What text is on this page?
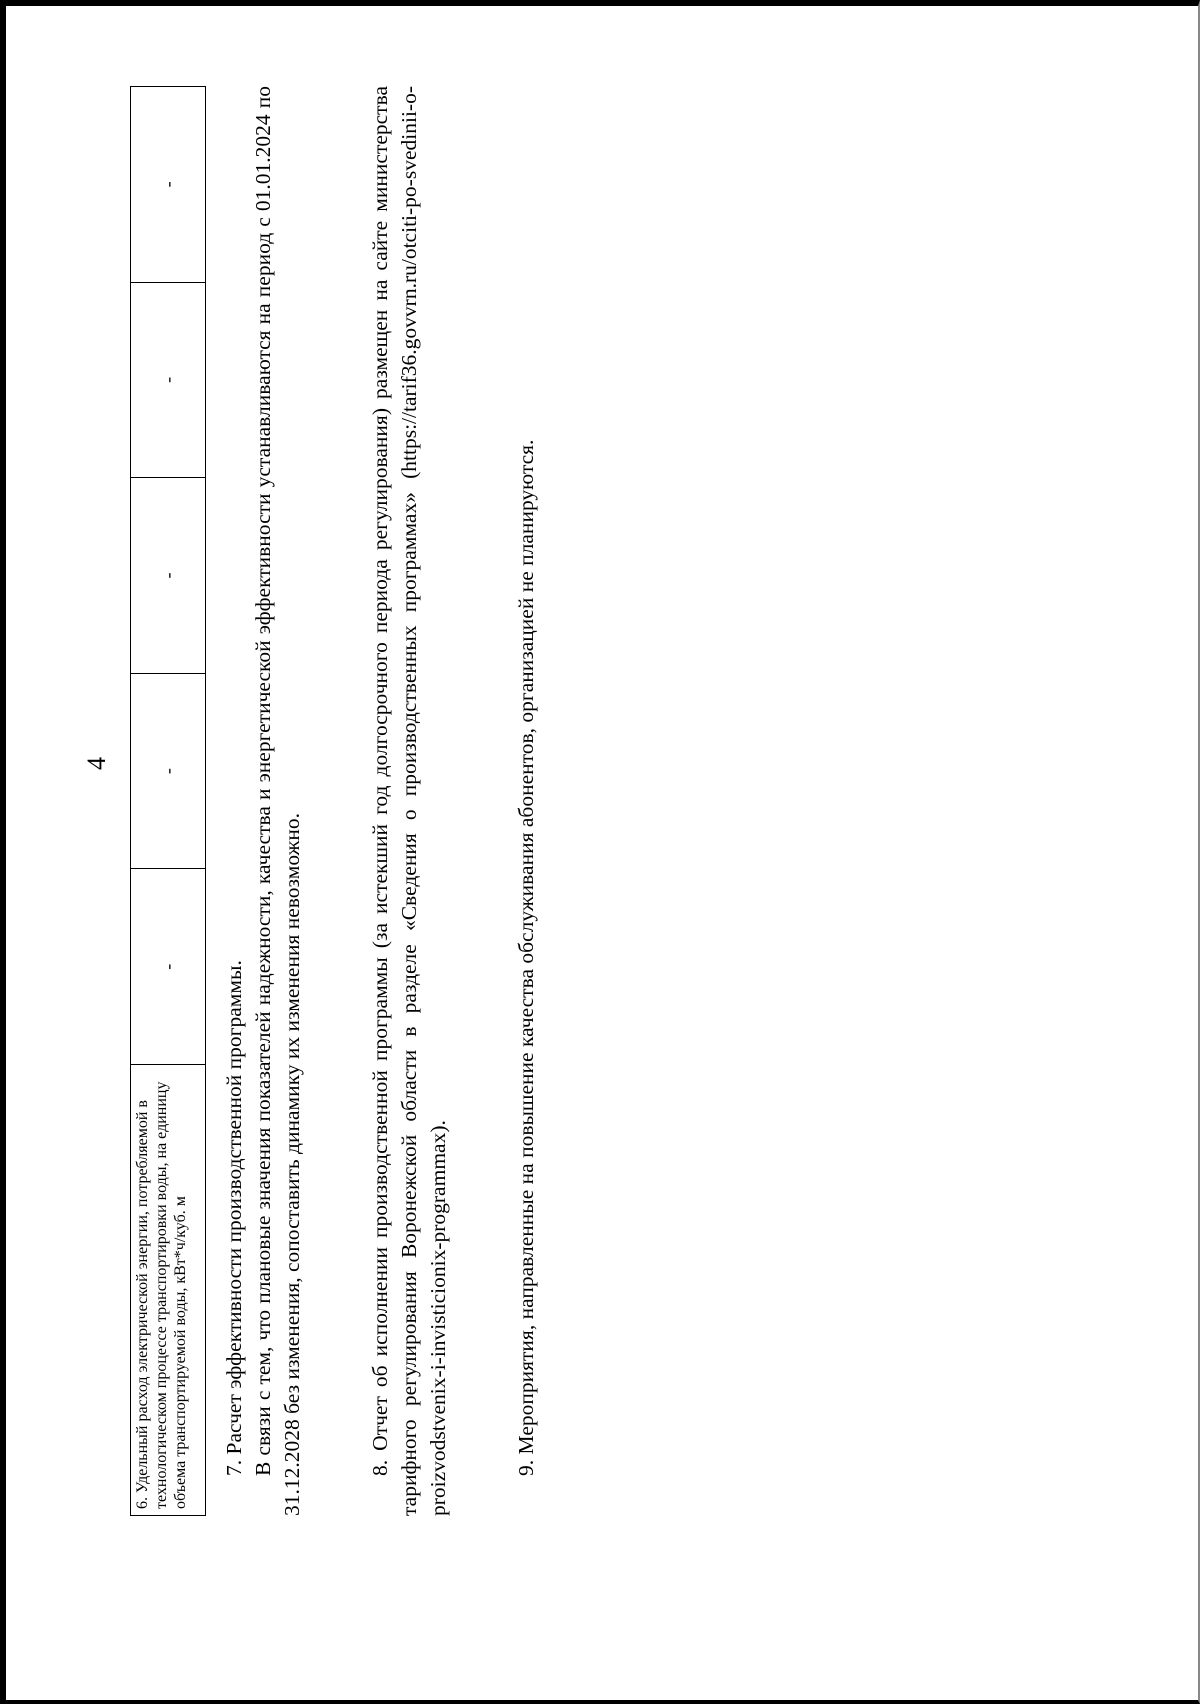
4
6. Удельный расход электрической энергии, потребляемой в технологическом процессе транспортировки воды, на единицу объема транспортируемой воды, кВт*ч/куб. м	-	-	-	-	-

7. Расчет эффективности производственной программы. В связи с тем, что плановые значения показателей надежности, качества и энергетической эффективности устанавливаются на период с 01.01.2024 по 31.12.2028 без изменения, сопоставить динамику их изменения невозможно.	8. Отчет об исполнении производственной программы (за истекший год долгосрочного периода регулирования) размещен на сайте министерства тарифного регулирования Воронежской области в разделе «Сведения о производственных программах» (https://tarif36.govvrn.ru/otciti-po-svedinii-o-proizvodstvenix-i-invisticionix-programmax).	9. Мероприятия, направленные на повышение качества обслуживания абонентов, организацией не планируются.
